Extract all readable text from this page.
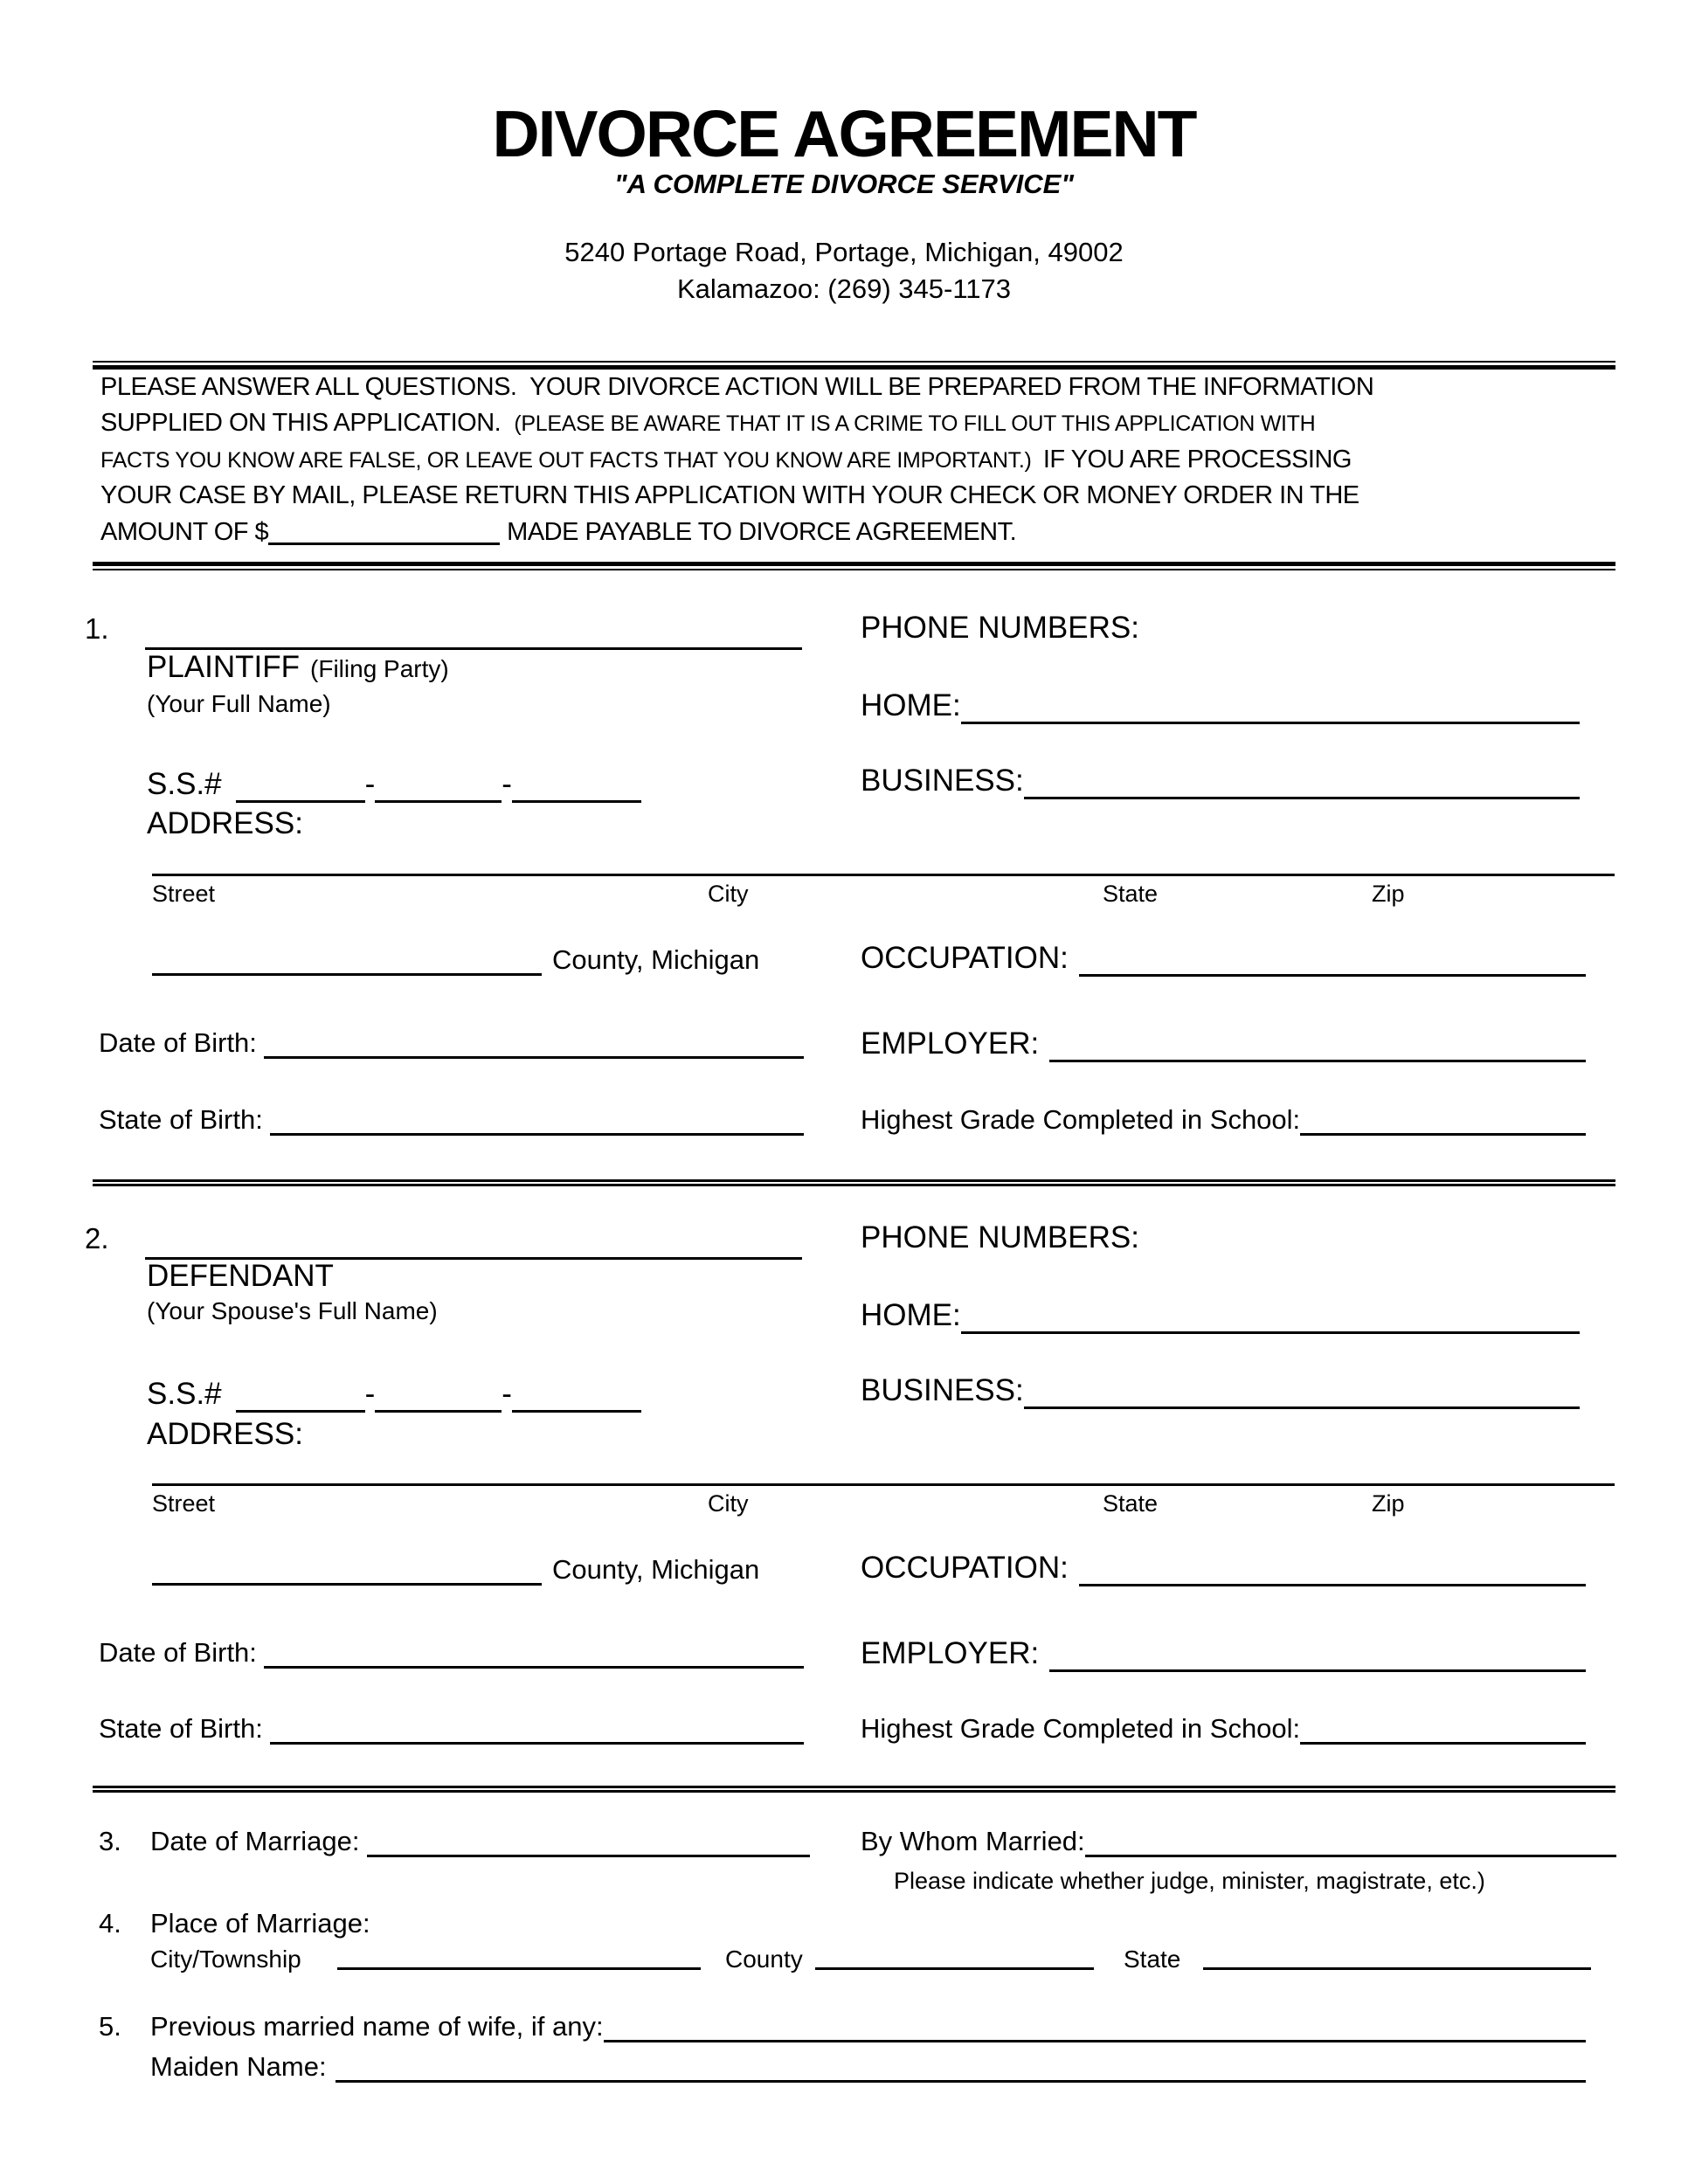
DIVORCE AGREEMENT
"A COMPLETE DIVORCE SERVICE"
5240 Portage Road, Portage, Michigan, 49002
Kalamazoo: (269) 345-1173
PLEASE ANSWER ALL QUESTIONS.  YOUR DIVORCE ACTION WILL BE PREPARED FROM THE INFORMATION
SUPPLIED ON THIS APPLICATION.  (PLEASE BE AWARE THAT IT IS A CRIME TO FILL OUT THIS APPLICATION WITH
FACTS YOU KNOW ARE FALSE, OR LEAVE OUT FACTS THAT YOU KNOW ARE IMPORTANT.)  IF YOU ARE PROCESSING
YOUR CASE BY MAIL, PLEASE RETURN THIS APPLICATION WITH YOUR CHECK OR MONEY ORDER IN THE
AMOUNT OF $	MADE PAYABLE TO DIVORCE AGREEMENT.
1.	PHONE NUMBERS:
PLAINTIFF (Filing Party)
(Your Full Name)	HOME:
S.S.#	-	-	BUSINESS:
ADDRESS:
Street	City	State	Zip
County, Michigan	OCCUPATION:
Date of Birth:	EMPLOYER:
State of Birth:	Highest Grade Completed in School:
2.	PHONE NUMBERS:
DEFENDANT
(Your Spouse's Full Name)	HOME:
S.S.#	-	-	BUSINESS:
ADDRESS:
Street	City	State	Zip
County, Michigan	OCCUPATION:
Date of Birth:	EMPLOYER:
State of Birth:	Highest Grade Completed in School:
3. Date of Marriage:	By Whom Married:
Please indicate whether judge, minister, magistrate, etc.)
4. Place of Marriage:
City/Township	County	State
5. Previous married name of wife, if any:
Maiden Name:
